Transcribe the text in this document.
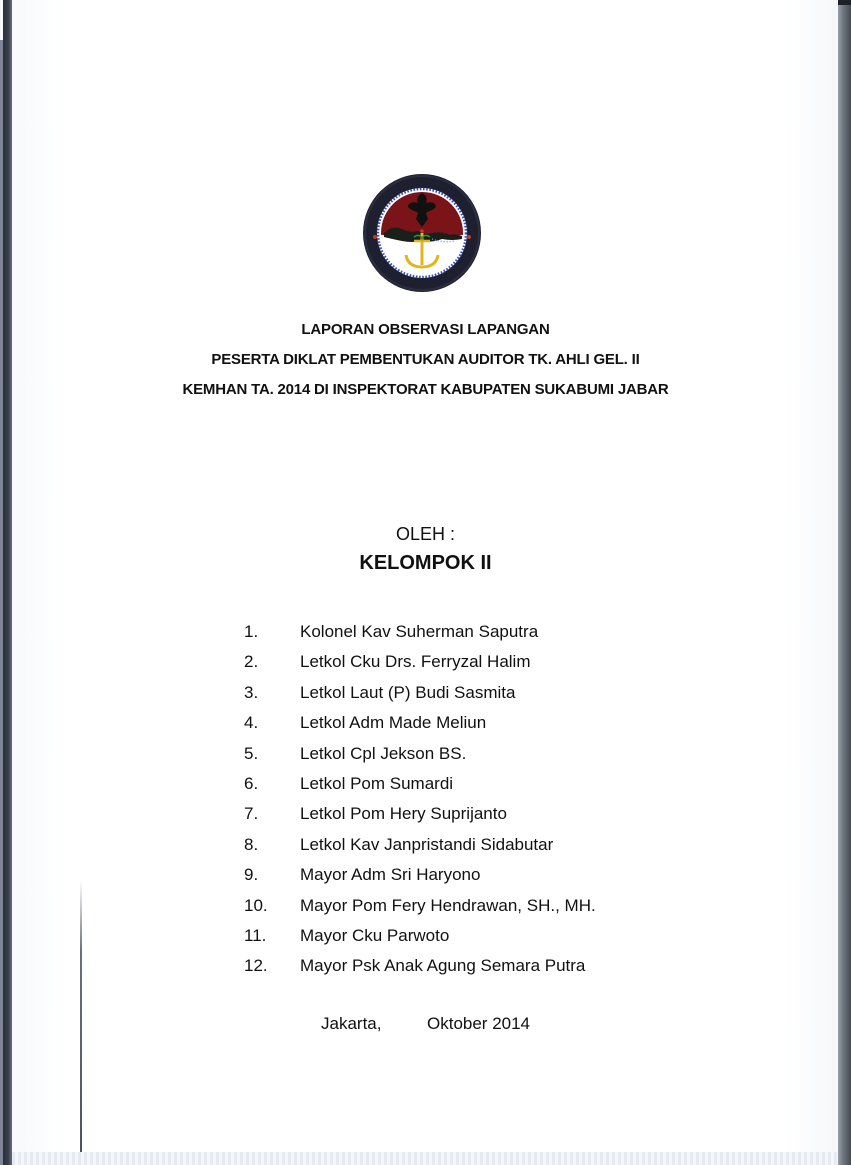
LAPORAN OBSERVASI LAPANGAN
PESERTA DIKLAT PEMBENTUKAN AUDITOR TK. AHLI GEL. II
KEMHAN TA. 2014 DI INSPEKTORAT KABUPATEN SUKABUMI JABAR
OLEH :
KELOMPOK II
1.	Kolonel Kav Suherman Saputra
2.	Letkol Cku Drs. Ferryzal Halim
3.	Letkol Laut (P) Budi Sasmita
4.	Letkol Adm Made Meliun
5.	Letkol Cpl Jekson BS.
6.	Letkol Pom Sumardi
7.	Letkol Pom Hery Suprijanto
8.	Letkol Kav Janpristandi Sidabutar
9.	Mayor Adm Sri Haryono
10.	Mayor Pom Fery Hendrawan, SH., MH.
11.	Mayor Cku Parwoto
12.	Mayor Psk Anak Agung Semara Putra
Jakarta,	Oktober 2014
